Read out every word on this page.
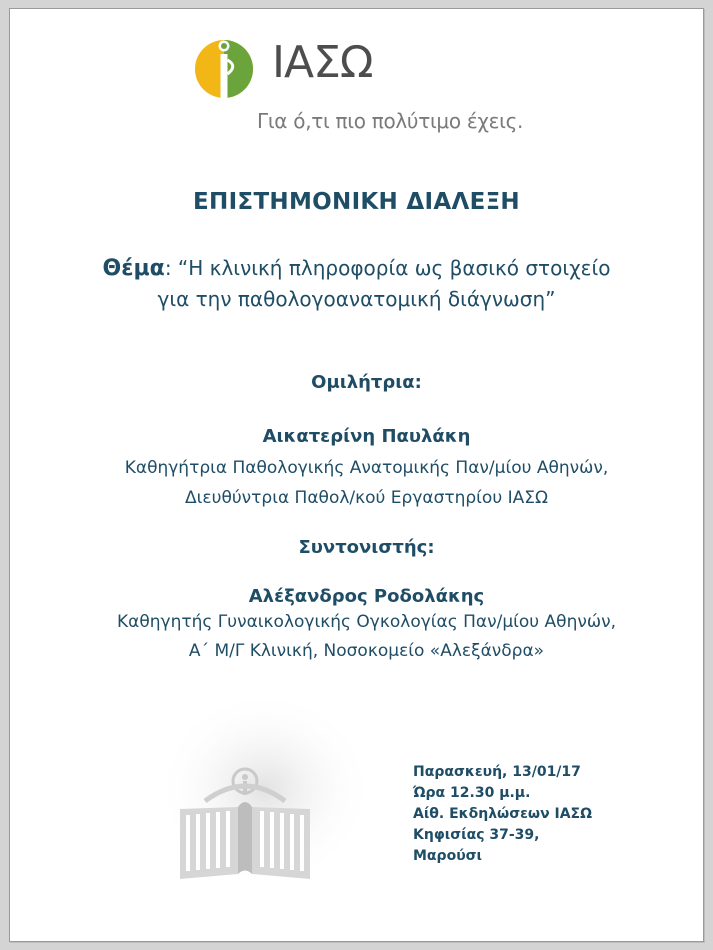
ΙΑΣΩ
Για ό,τι πιο πολύτιμο έχεις.
ΕΠΙΣΤΗΜΟΝΙΚΗ ΔΙΑΛΕΞΗ
Θέμα: “Η κλινική πληροφορία ως βασικό στοιχείο
για την παθολογοανατομική διάγνωση”
Ομιλήτρια:
Αικατερίνη Παυλάκη
Καθηγήτρια Παθολογικής Ανατομικής Παν/μίου Αθηνών,
Διευθύντρια Παθολ/κού Εργαστηρίου ΙΑΣΩ
Συντονιστής:
Αλέξανδρος Ροδολάκης
Καθηγητής Γυναικολογικής Ογκολογίας Παν/μίου Αθηνών,
Α΄ Μ/Γ Κλινική, Νοσοκομείο «Αλεξάνδρα»
Παρασκευή, 13/01/17
Ώρα 12.30 μ.μ.
Αίθ. Εκδηλώσεων ΙΑΣΩ
Κηφισίας 37-39,
Μαρούσι
